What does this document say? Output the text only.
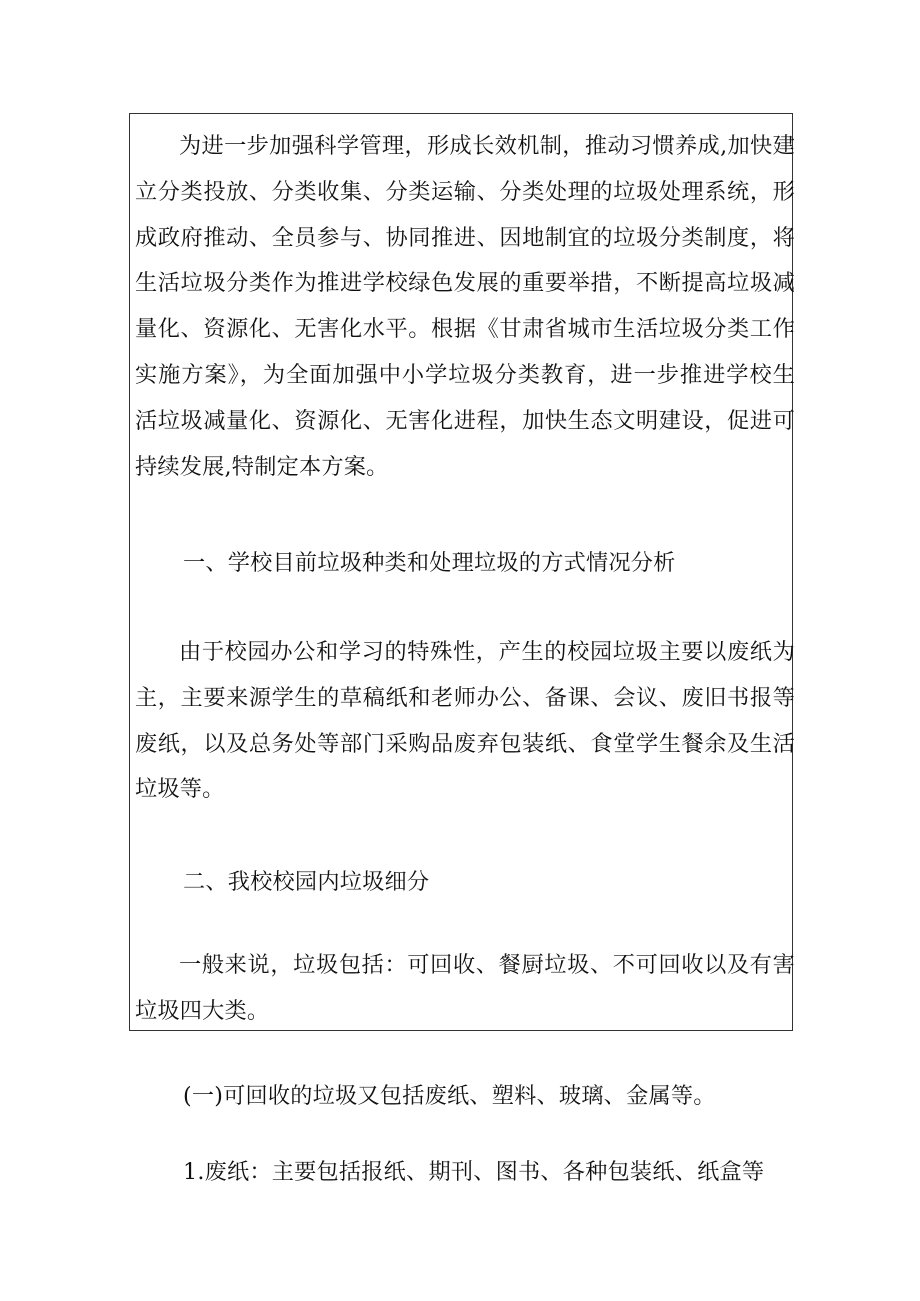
为进一步加强科学管理，形成长效机制，推动习惯养成,加快建立分类投放、分类收集、分类运输、分类处理的垃圾处理系统，形成政府推动、全员参与、协同推进、因地制宜的垃圾分类制度，将生活垃圾分类作为推进学校绿色发展的重要举措，不断提高垃圾减量化、资源化、无害化水平。根据《甘肃省城市生活垃圾分类工作实施方案》，为全面加强中小学垃圾分类教育，进一步推进学校生活垃圾减量化、资源化、无害化进程，加快生态文明建设，促进可持续发展,特制定本方案。

一、学校目前垃圾种类和处理垃圾的方式情况分析

由于校园办公和学习的特殊性，产生的校园垃圾主要以废纸为主，主要来源学生的草稿纸和老师办公、备课、会议、废旧书报等废纸，以及总务处等部门采购品废弃包装纸、食堂学生餐余及生活垃圾等。

二、我校校园内垃圾细分

一般来说，垃圾包括：可回收、餐厨垃圾、不可回收以及有害垃圾四大类。

(一)可回收的垃圾又包括废纸、塑料、玻璃、金属等。

1.废纸：主要包括报纸、期刊、图书、各种包装纸、纸盒等
